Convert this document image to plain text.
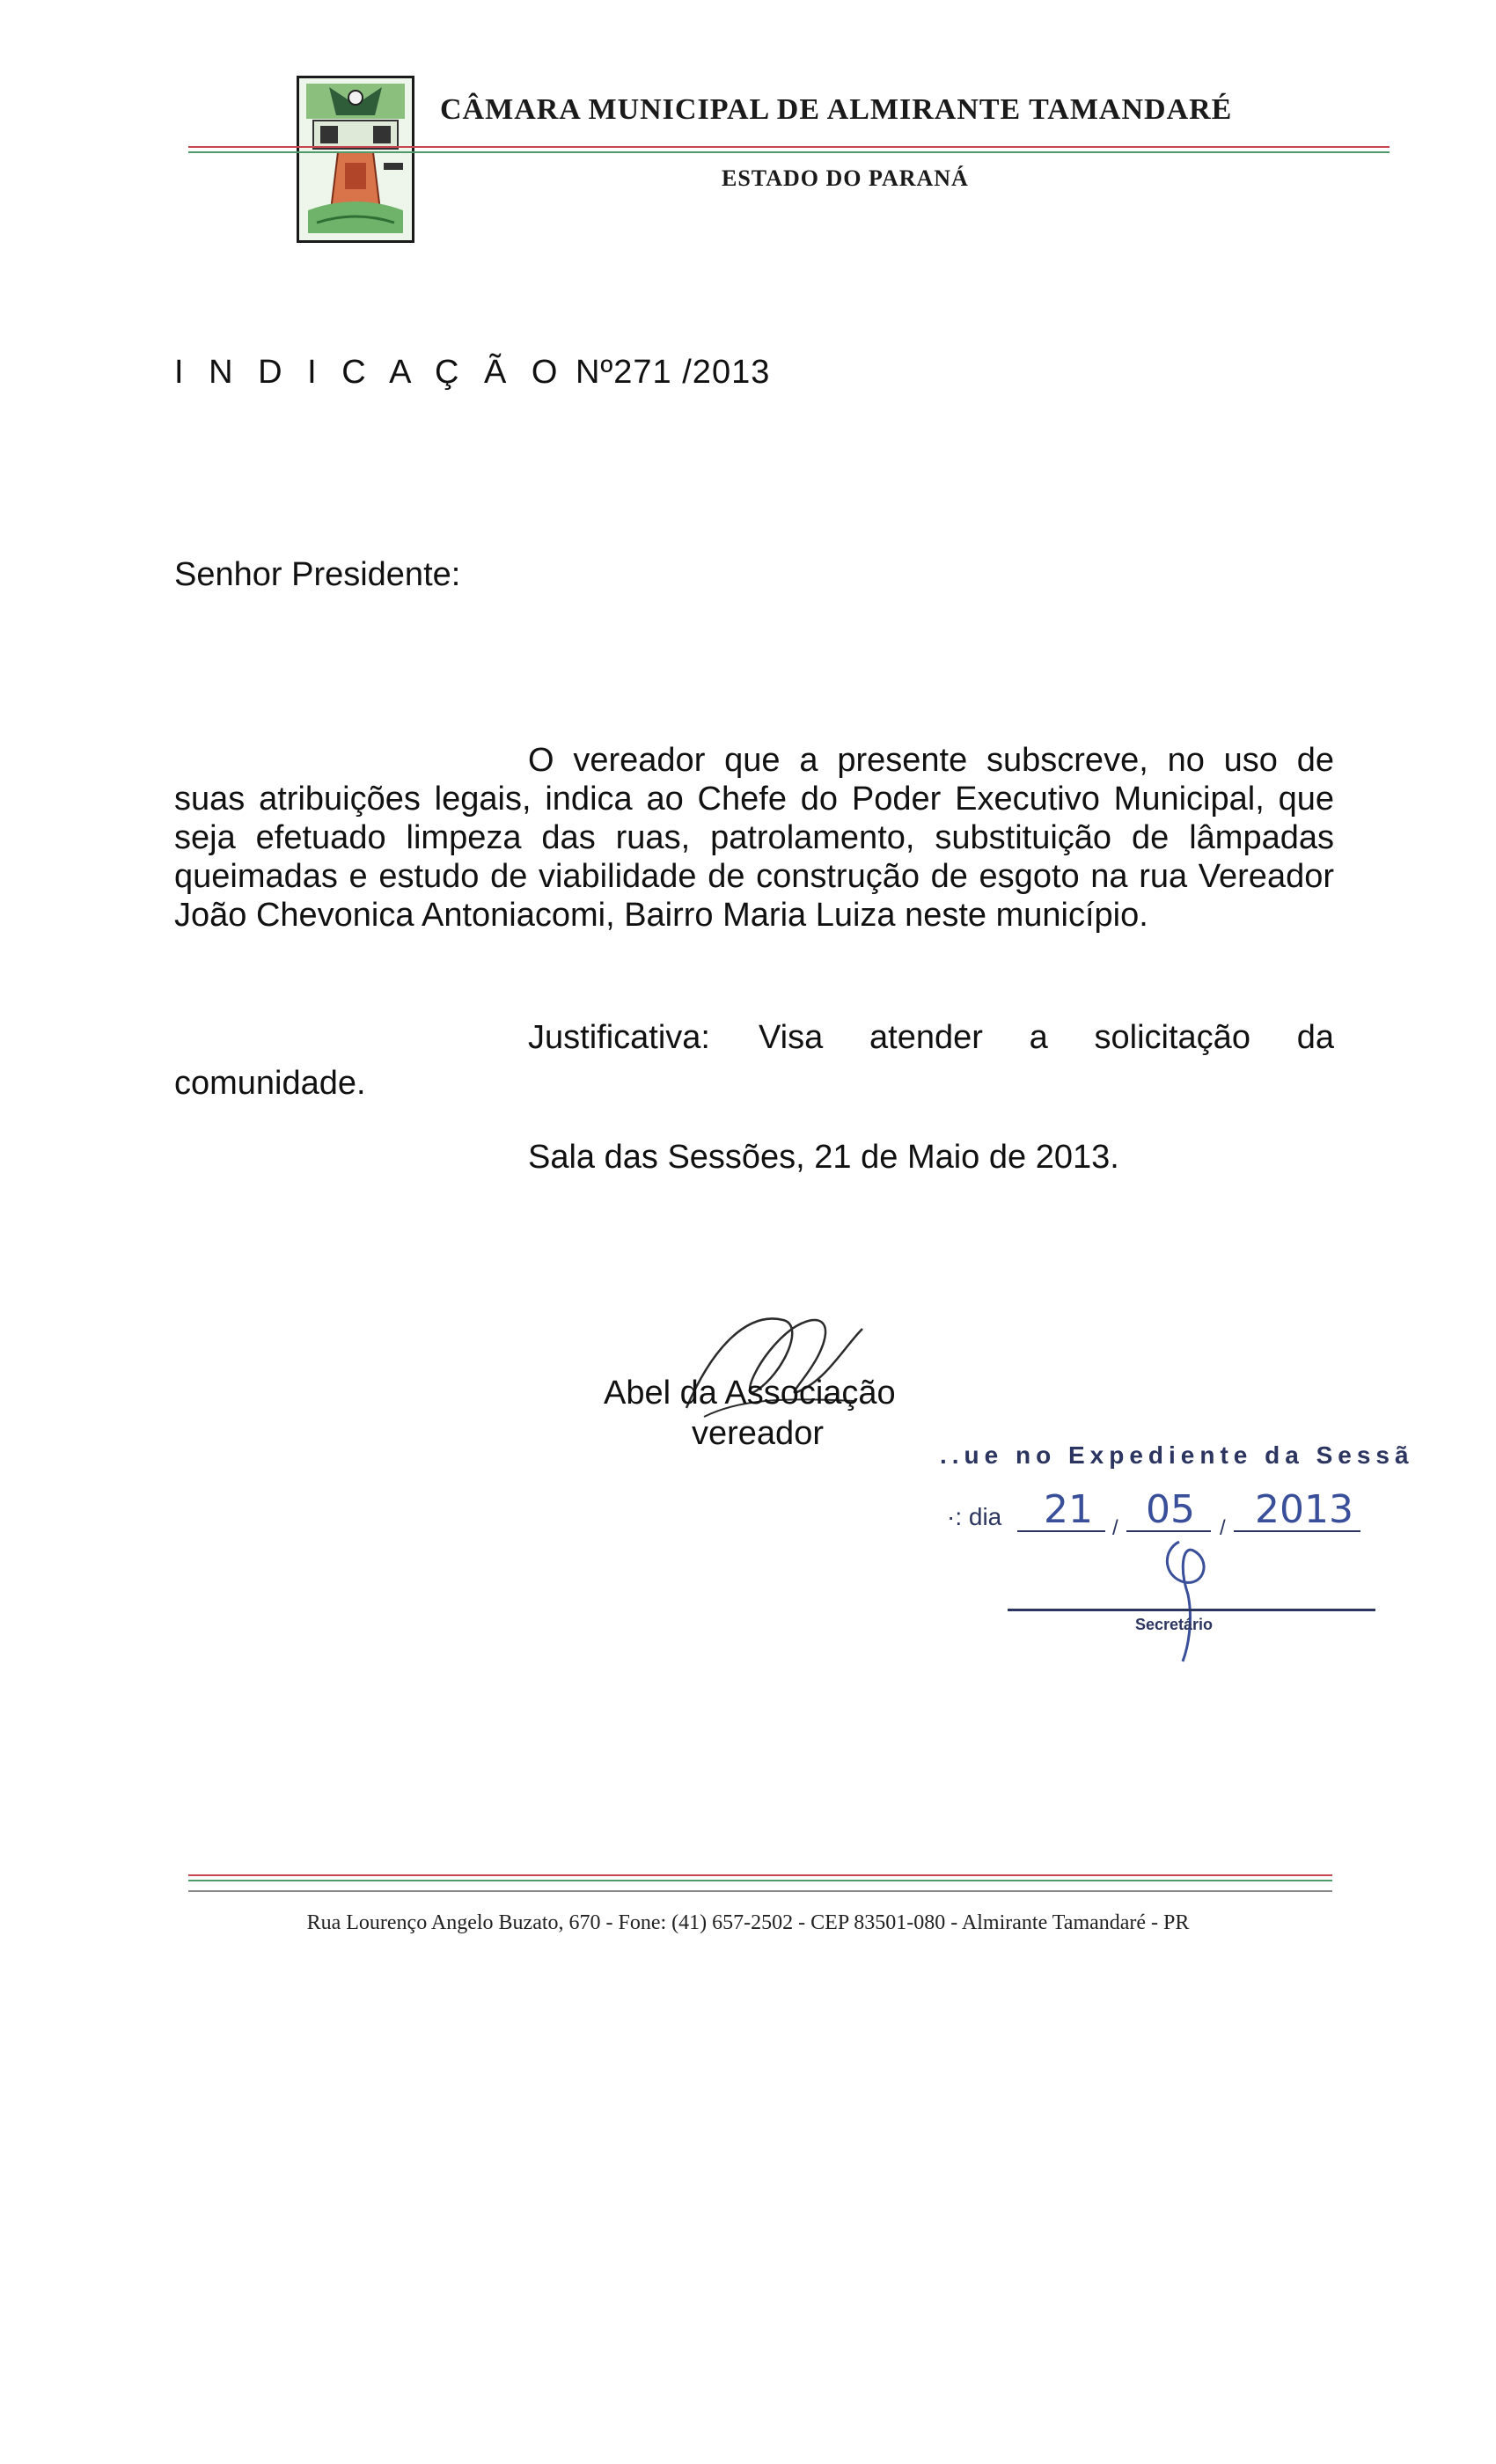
CÂMARA MUNICIPAL DE ALMIRANTE TAMANDARÉ
ESTADO DO PARANÁ
I N D I C A Ç Ã O Nº271 /2013
Senhor Presidente:
O vereador que a presente subscreve, no uso de suas atribuições legais, indica ao Chefe do Poder Executivo Municipal, que seja efetuado limpeza das ruas, patrolamento, substituição de lâmpadas queimadas e estudo de viabilidade de construção de esgoto na rua Vereador João Chevonica Antoniacomi, Bairro Maria Luiza neste município.
Justificativa: Visa atender a solicitação da
comunidade.
Sala das Sessões, 21 de Maio de 2013.
Abel da Associação
vereador
..ue no Expediente da Sessã
·: dia 21 05 2013
/	/
Secretário
Rua Lourenço Angelo Buzato, 670 - Fone: (41) 657-2502 - CEP 83501-080 - Almirante Tamandaré - PR
